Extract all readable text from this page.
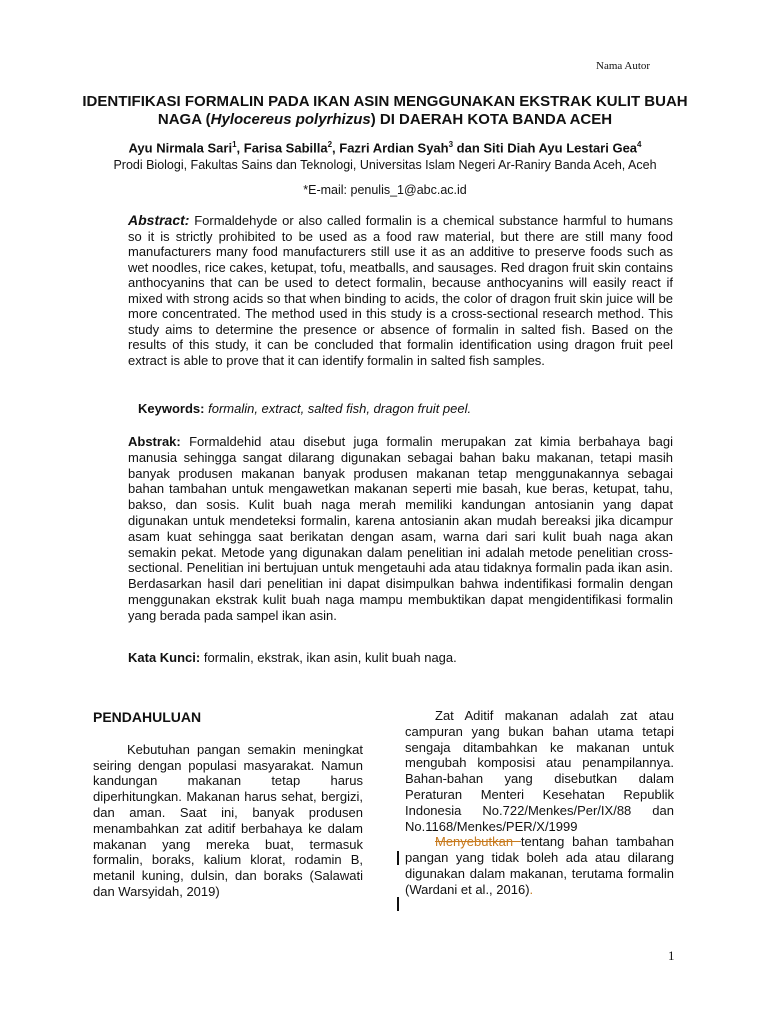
Nama Autor
IDENTIFIKASI FORMALIN PADA IKAN ASIN MENGGUNAKAN EKSTRAK KULIT BUAH NAGA (Hylocereus polyrhizus) DI DAERAH KOTA BANDA ACEH
Ayu Nirmala Sari$^1$, Farisa Sabilla$^2$, Fazri Ardian Syah$^3$ dan Siti Diah Ayu Lestari Gea$^4$
Prodi Biologi, Fakultas Sains dan Teknologi, Universitas Islam Negeri Ar-Raniry Banda Aceh, Aceh
*E-mail: penulis_1@abc.ac.id
Abstract: Formaldehyde or also called formalin is a chemical substance harmful to humans so it is strictly prohibited to be used as a food raw material, but there are still many food manufacturers many food manufacturers still use it as an additive to preserve foods such as wet noodles, rice cakes, ketupat, tofu, meatballs, and sausages. Red dragon fruit skin contains anthocyanins that can be used to detect formalin, because anthocyanins will easily react if mixed with strong acids so that when binding to acids, the color of dragon fruit skin juice will be more concentrated. The method used in this study is a cross-sectional research method. This study aims to determine the presence or absence of formalin in salted fish. Based on the results of this study, it can be concluded that formalin identification using dragon fruit peel extract is able to prove that it can identify formalin in salted fish samples.
Keywords: formalin, extract, salted fish, dragon fruit peel.
Abstrak: Formaldehid atau disebut juga formalin merupakan zat kimia berbahaya bagi manusia sehingga sangat dilarang digunakan sebagai bahan baku makanan, tetapi masih banyak produsen makanan banyak produsen makanan tetap menggunakannya sebagai bahan tambahan untuk mengawetkan makanan seperti mie basah, kue beras, ketupat, tahu, bakso, dan sosis. Kulit buah naga merah memiliki kandungan antosianin yang dapat digunakan untuk mendeteksi formalin, karena antosianin akan mudah bereaksi jika dicampur asam kuat sehingga saat berikatan dengan asam, warna dari sari kulit buah naga akan semakin pekat. Metode yang digunakan dalam penelitian ini adalah metode penelitian cross-sectional. Penelitian ini bertujuan untuk mengetauhi ada atau tidaknya formalin pada ikan asin. Berdasarkan hasil dari penelitian ini dapat disimpulkan bahwa indentifikasi formalin dengan menggunakan ekstrak kulit buah naga mampu membuktikan dapat mengidentifikasi formalin yang berada pada sampel ikan asin.
Kata Kunci: formalin, ekstrak, ikan asin, kulit buah naga.
PENDAHULUAN

Kebutuhan pangan semakin meningkat seiring dengan populasi masyarakat. Namun kandungan makanan tetap harus diperhitungkan. Makanan harus sehat, bergizi, dan aman. Saat ini, banyak produsen menambahkan zat aditif berbahaya ke dalam makanan yang mereka buat, termasuk formalin, boraks, kalium klorat, rodamin B, metanil kuning, dulsin, dan boraks (Salawati dan Warsyidah, 2019)

Zat Aditif makanan adalah zat atau campuran yang bukan bahan utama tetapi sengaja ditambahkan ke makanan untuk mengubah komposisi atau penampilannya. Bahan-bahan yang disebutkan dalam Peraturan Menteri Kesehatan Republik Indonesia No.722/Menkes/Per/IX/88 dan No.1168/Menkes/PER/X/1999

Menyebutkan tentang bahan tambahan pangan yang tidak boleh ada atau dilarang digunakan dalam makanan, terutama formalin (Wardani et al., 2016).

1
